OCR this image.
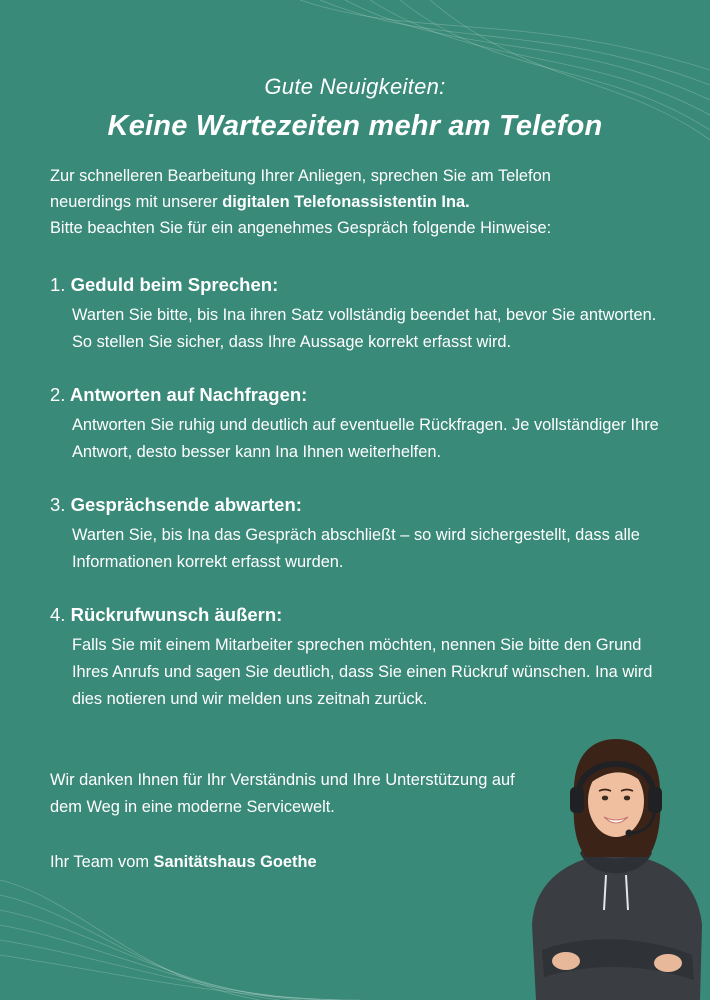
Gute Neuigkeiten:
Keine Wartezeiten mehr am Telefon
Zur schnelleren Bearbeitung Ihrer Anliegen, sprechen Sie am Telefon
neuerdings mit unserer digitalen Telefonassistentin Ina.
Bitte beachten Sie für ein angenehmes Gespräch folgende Hinweise:
1. Geduld beim Sprechen:
Warten Sie bitte, bis Ina ihren Satz vollständig beendet hat, bevor Sie antworten. So stellen Sie sicher, dass Ihre Aussage korrekt erfasst wird.
2. Antworten auf Nachfragen:
Antworten Sie ruhig und deutlich auf eventuelle Rückfragen. Je vollständiger Ihre Antwort, desto besser kann Ina Ihnen weiterhelfen.
3. Gesprächsende abwarten:
Warten Sie, bis Ina das Gespräch abschließt – so wird sichergestellt, dass alle Informationen korrekt erfasst wurden.
4. Rückrufwunsch äußern:
Falls Sie mit einem Mitarbeiter sprechen möchten, nennen Sie bitte den Grund Ihres Anrufs und sagen Sie deutlich, dass Sie einen Rückruf wünschen. Ina wird dies notieren und wir melden uns zeitnah zurück.
Wir danken Ihnen für Ihr Verständnis und Ihre Unterstützung auf dem Weg in eine moderne Servicewelt.
Ihr Team vom Sanitätshaus Goethe
